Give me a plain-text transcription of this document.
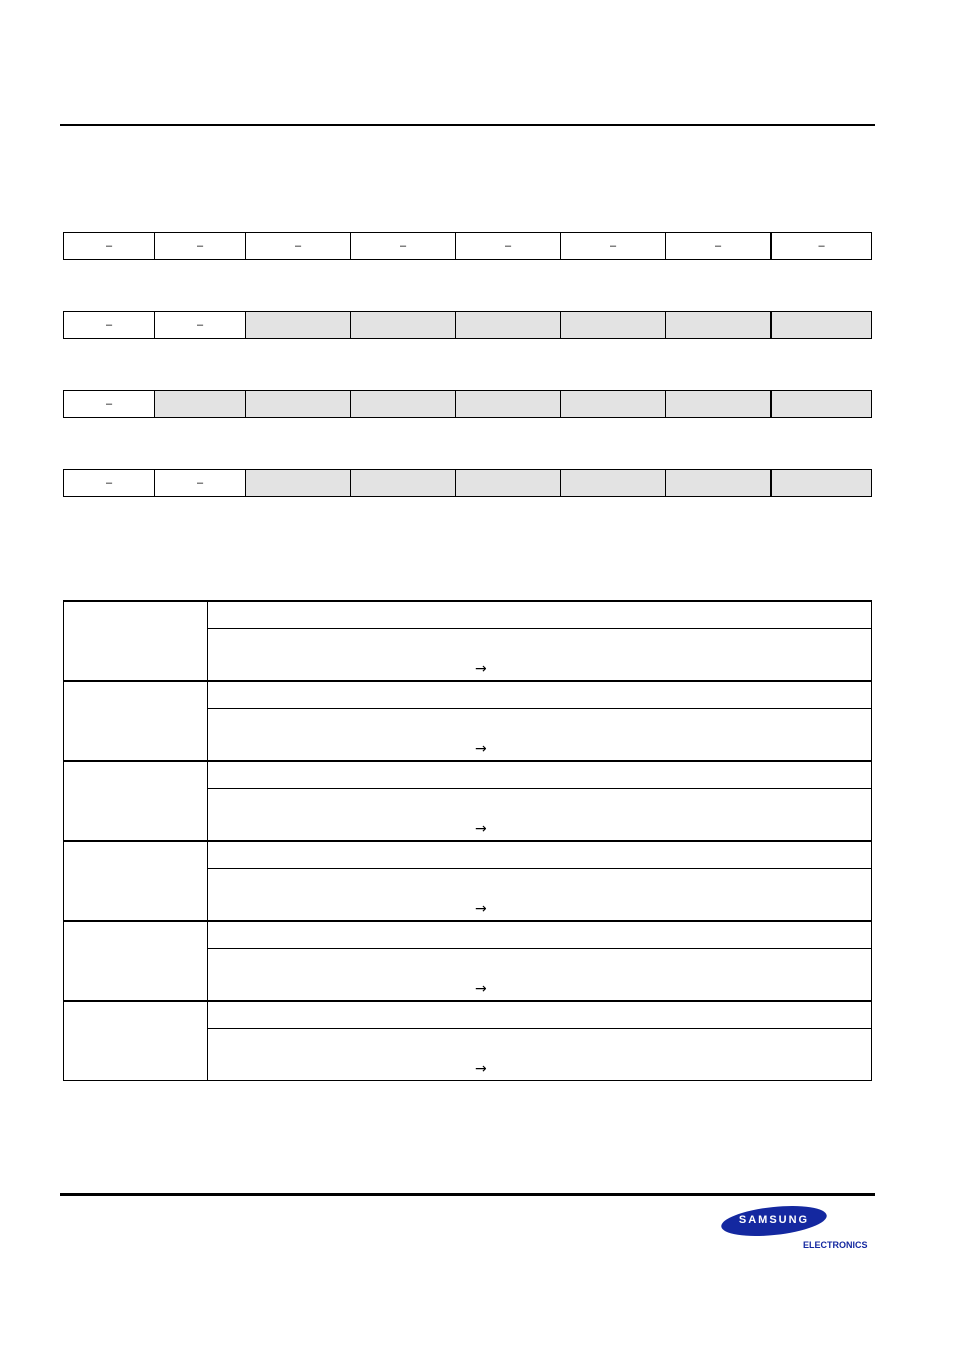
–	–	–	–	–	–	–	–
–	–
–
–	–

	→

	→

	→

	→

	→

	→
SAMSUNG
ELECTRONICS
